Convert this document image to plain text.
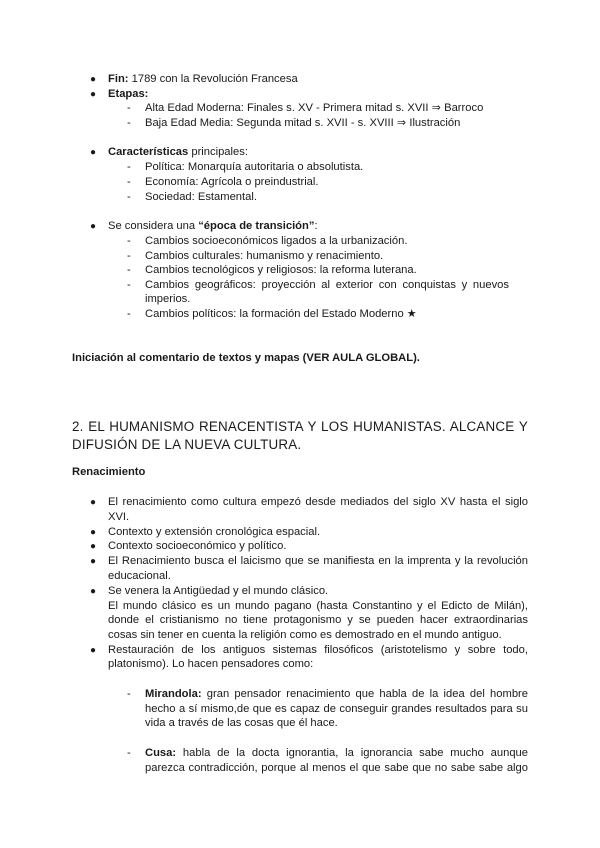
● Fin: 1789 con la Revolución Francesa
● Etapas:
- Alta Edad Moderna: Finales s. XV - Primera mitad s. XVII ⇒ Barroco
- Baja Edad Media: Segunda mitad s. XVII - s. XVIII ⇒ Ilustración
● Características principales:
- Política: Monarquía autoritaria o absolutista.
- Economía: Agrícola o preindustrial.
- Sociedad: Estamental.
● Se considera una “época de transición”:
- Cambios socioeconómicos ligados a la urbanización.
- Cambios culturales: humanismo y renacimiento.
- Cambios tecnológicos y religiosos: la reforma luterana.
- Cambios geográficos: proyección al exterior con conquistas y nuevos
imperios.
- Cambios políticos: la formación del Estado Moderno ★
Iniciación al comentario de textos y mapas (VER AULA GLOBAL).
2. EL HUMANISMO RENACENTISTA Y LOS HUMANISTAS. ALCANCE Y
DIFUSIÓN DE LA NUEVA CULTURA.
Renacimiento
● El renacimiento como cultura empezó desde mediados del siglo XV hasta el siglo
XVI.
● Contexto y extensión cronológica espacial.
● Contexto socioeconómico y político.
● El Renacimiento busca el laicismo que se manifiesta en la imprenta y la revolución
educacional.
● Se venera la Antigüedad y el mundo clásico.
El mundo clásico es un mundo pagano (hasta Constantino y el Edicto de Milán),
donde el cristianismo no tiene protagonismo y se pueden hacer extraordinarias
cosas sin tener en cuenta la religión como es demostrado en el mundo antiguo.
● Restauración de los antiguos sistemas filosóficos (aristotelismo y sobre todo,
platonismo). Lo hacen pensadores como:
- Mirandola: gran pensador renacimiento que habla de la idea del hombre
hecho a sí mismo,de que es capaz de conseguir grandes resultados para su
vida a través de las cosas que él hace.
- Cusa: habla de la docta ignorantia, la ignorancia sabe mucho aunque
parezca contradicción, porque al menos el que sabe que no sabe sabe algo
